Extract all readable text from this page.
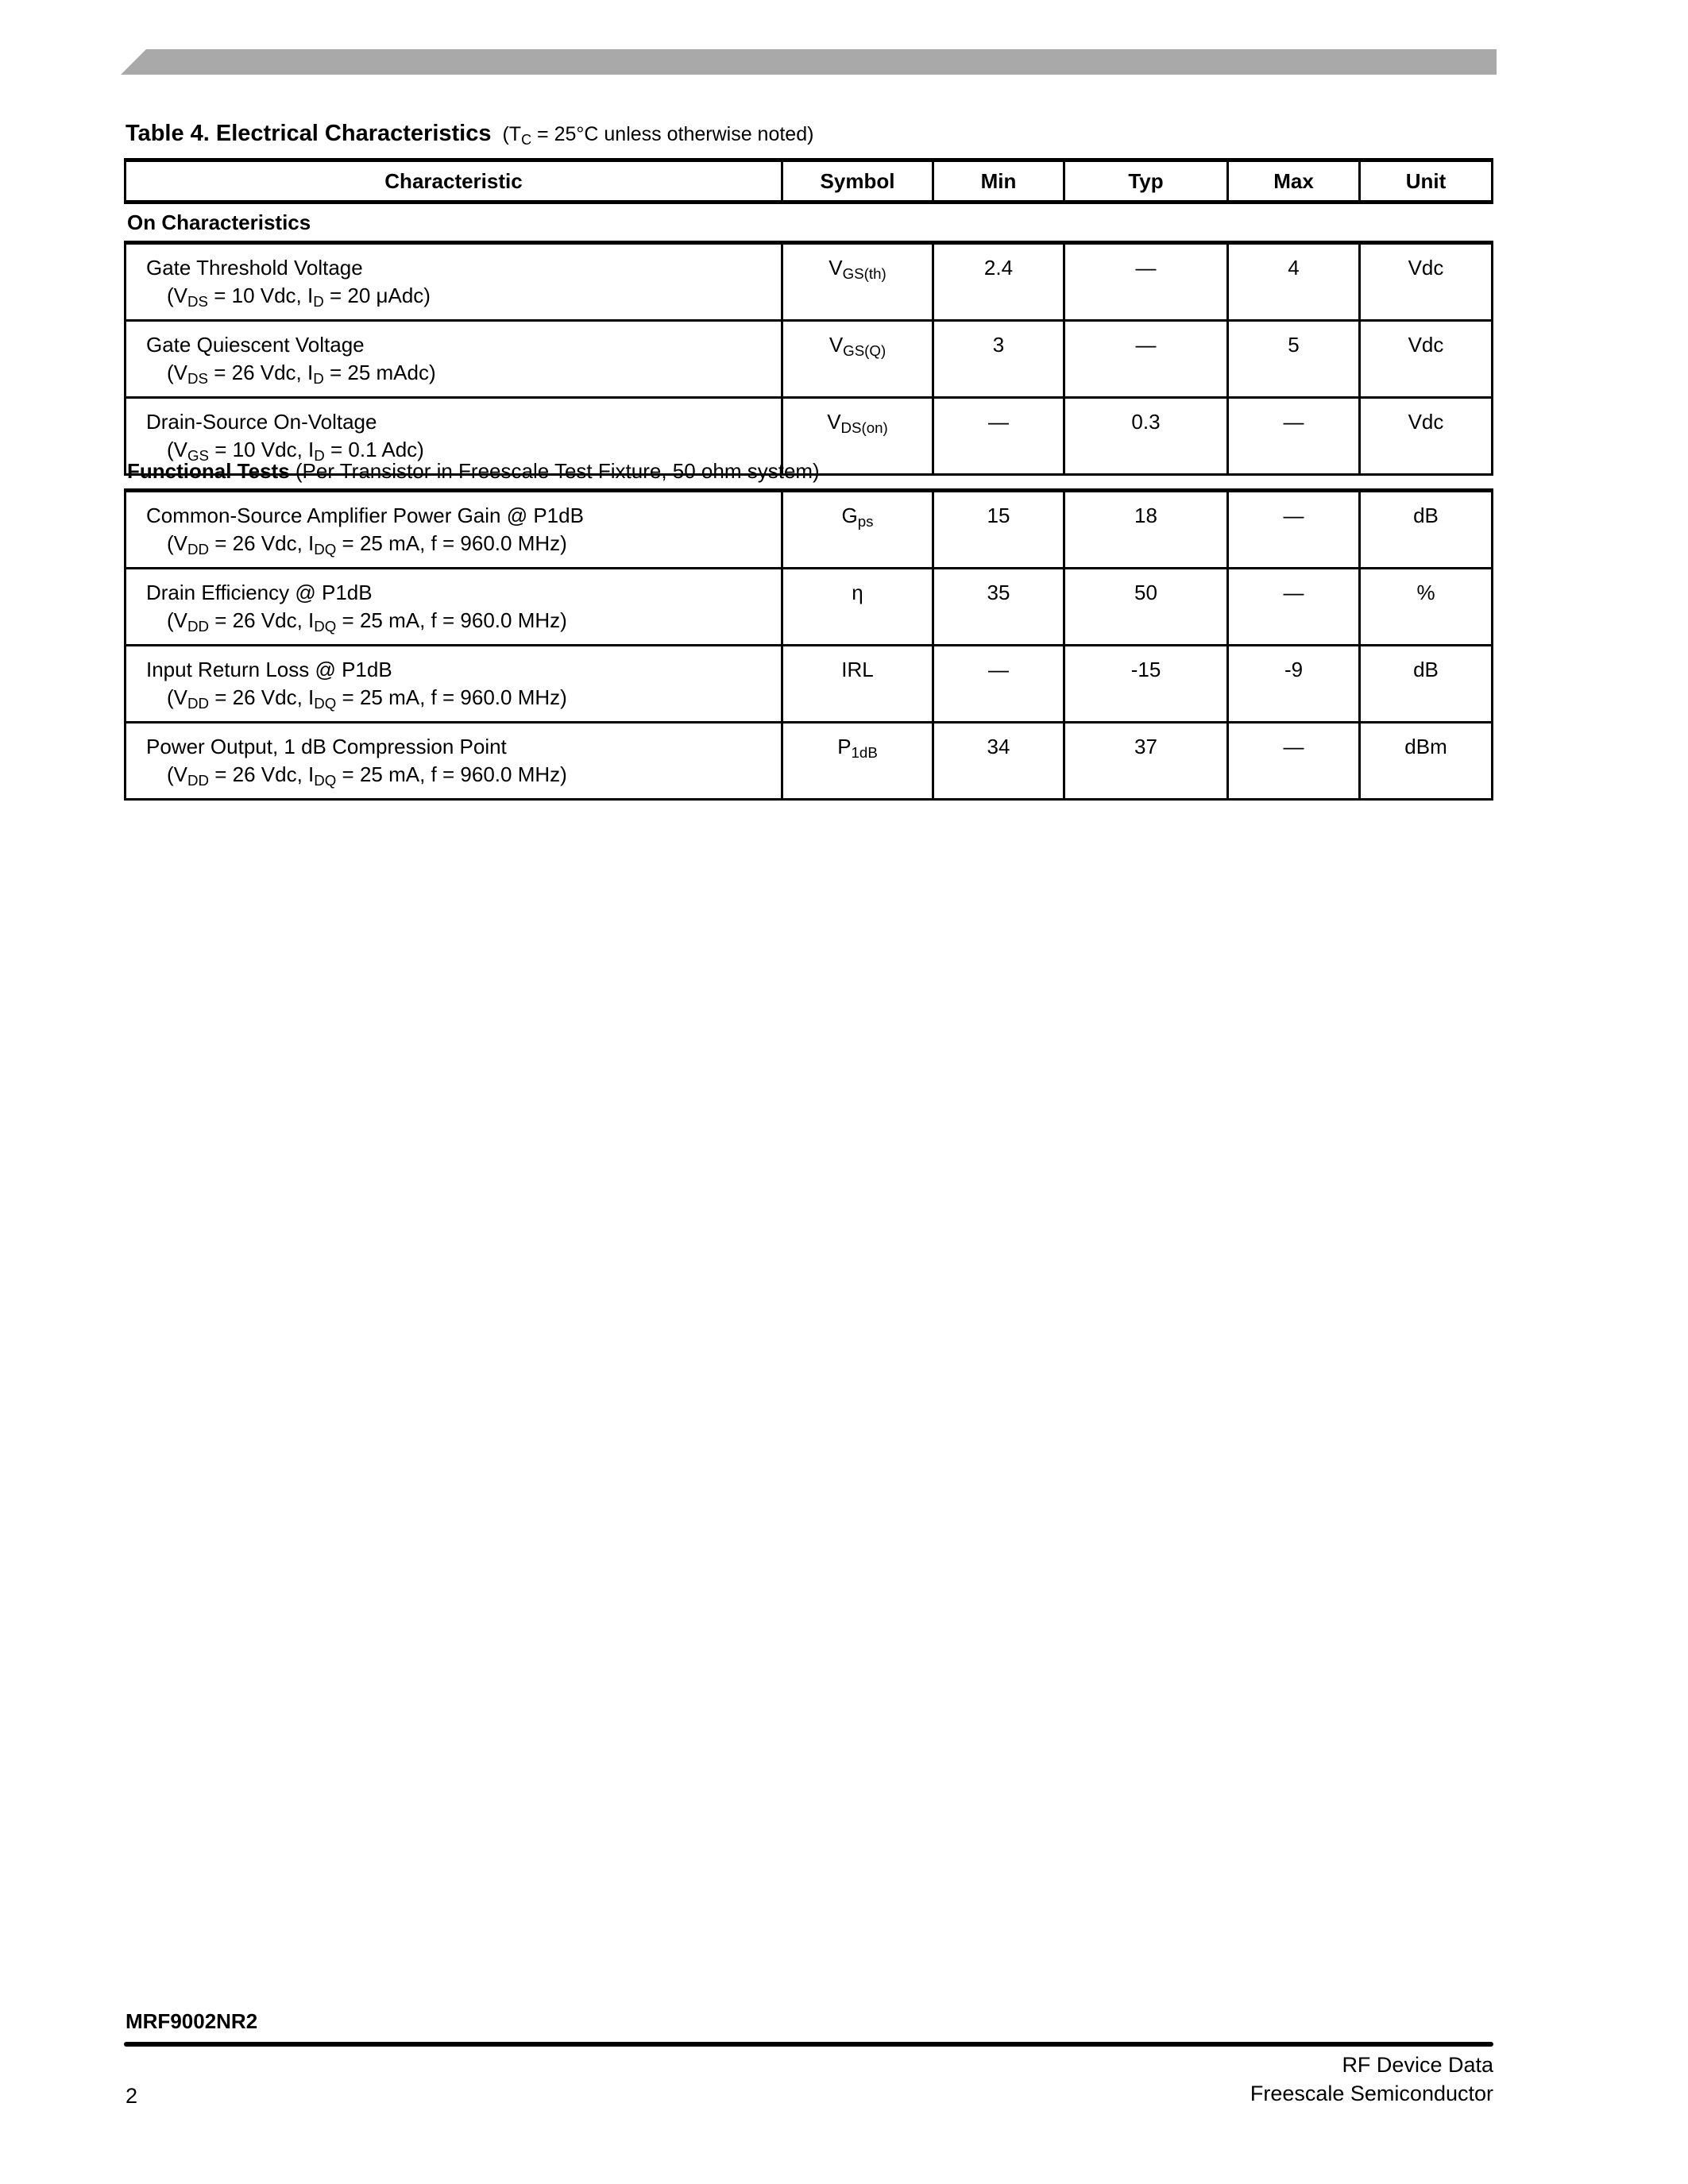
Table 4. Electrical Characteristics ($T_C = 25^\circ C$ unless otherwise noted)
Characteristic	Symbol	Min	Typ	Max	Unit
On Characteristics
Gate Threshold Voltage
($V_{DS} = 10$ Vdc, $I_D = 20$ μAdc)	$V_{GS(th)}$	2.4	—	4	Vdc
Gate Quiescent Voltage
($V_{DS} = 26$ Vdc, $I_D = 25$ mAdc)	$V_{GS(Q)}$	3	—	5	Vdc
Drain-Source On-Voltage
($V_{GS} = 10$ Vdc, $I_D = 0.1$ Adc)	$V_{DS(on)}$	—	0.3	—	Vdc
Functional Tests (Per Transistor in Freescale Test Fixture, 50 ohm system)
Common-Source Amplifier Power Gain @ P1dB
($V_{DD} = 26$ Vdc, $I_{DQ} = 25$ mA, f = 960.0 MHz)	$G_{ps}$	15	18	—	dB
Drain Efficiency @ P1dB
($V_{DD} = 26$ Vdc, $I_{DQ} = 25$ mA, f = 960.0 MHz)	η	35	50	—	%
Input Return Loss @ P1dB
($V_{DD} = 26$ Vdc, $I_{DQ} = 25$ mA, f = 960.0 MHz)	IRL	—	-15	-9	dB
Power Output, 1 dB Compression Point
($V_{DD} = 26$ Vdc, $I_{DQ} = 25$ mA, f = 960.0 MHz)	$P_{1dB}$	34	37	—	dBm
MRF9002NR2
RF Device Data
Freescale Semiconductor
2
